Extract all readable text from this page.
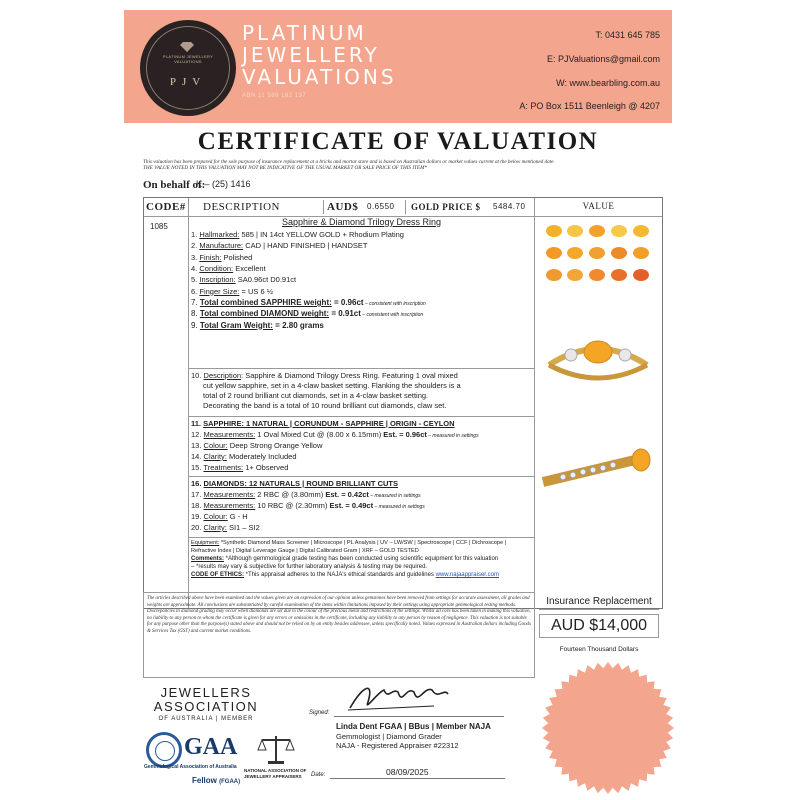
PLATINUM JEWELLERY VALUATIONS
PJV
PLATINUM
JEWELLERY
VALUATIONS
ABN 11 589 192 137
T: 0431 645 785
E: PJValuations@gmail.com
W: www.bearbling.com.au
A: PO Box 1511 Beenleigh @ 4207
CERTIFICATE OF VALUATION
This valuation has been prepared for the sole purpose of insurance replacement at a bricks and mortar store and is based on Australian dollars or market values current at the below mentioned date.
THE VALUE NOTED IN THIS VALUATION MAY NOT BE INDICATIVE OF THE USUAL MARKET OR SALE PRICE OF THIS ITEM*
On behalf of:
K – (25) 1416
CODE# DESCRIPTION	AUD$ 0.6550 GOLD PRICE $ 5484.70	VALUE
1085	Sapphire & Diamond Trilogy Dress Ring
1. Hallmarked: 585 | IN 14ct YELLOW GOLD + Rhodium Plating
2. Manufacture: CAD | HAND FINISHED | HANDSET
3. Finish: Polished
4. Condition: Excellent
5. Inscription: SA0.96ct D0.91ct
6. Finger Size: = US 6 ½
7. Total combined SAPPHIRE weight: = 0.96ct – consistent with inscription
8. Total combined DIAMOND weight: = 0.91ct – consistent with inscription
9. Total Gram Weight: = 2.80 grams
10. Description: Sapphire & Diamond Trilogy Dress Ring. Featuring 1 oval mixed
cut yellow sapphire, set in a 4-claw basket setting. Flanking the shoulders is a
total of 2 round brilliant cut diamonds, set in a 4-claw basket setting.
Decorating the band is a total of 10 round brilliant cut diamonds, claw set.
11. SAPPHIRE: 1 NATURAL | CORUNDUM - SAPPHIRE | ORIGIN - CEYLON
12. Measurements: 1 Oval Mixed Cut @ (8.00 x 6.15mm) Est. = 0.96ct – measured in settings
13. Colour: Deep Strong Orange Yellow
14. Clarity: Moderately Included
15. Treatments: 1+ Observed
16. DIAMONDS: 12 NATURALS | ROUND BRILLIANT CUTS
17. Measurements: 2 RBC @ (3.80mm) Est. = 0.42ct – measured in settings
18. Measurements: 10 RBC @ (2.30mm) Est. = 0.49ct – measured in settings
19. Colour: G - H
20. Clarity: SI1 – SI2
Equipment: *Synthetic Diamond Mass Screener | Microscope | PL Analysis | UV – LW/SW | Spectroscope | CCF | Dichroscope |
Refractive Index | Digital Leverage Gauge | Digital Calibrated Gram | XRF – GOLD TESTED
Comments: *Although gemmological grade testing has been conducted using scientific equipment for this valuation
– *results may vary & subjective for further laboratory analysis & testing may be required.
CODE OF ETHICS: *This appraisal adheres to the NAJA's ethical standards and guidelines www.najaappraiser.com
The articles described above have been examined and the values given are an expression of our opinion unless gemstones have been removed from settings for accurate assessment, all grades and weights are approximate. All conclusions are substantiated by careful examination of the items within limitations imposed by their settings using appropriate gemmological testing methods. Discrepancies in diamond grading may occur when diamonds are set due to the colour of the precious metal and restrictions of the settings. Whilst all care has been taken in making this valuation, no liability to any person to whom the certificate is given for any errors or omissions in the certificate, including any liability to any person by reason of negligence. This valuation is not suitable for any purpose other than the purpose(s) stated above and should not be relied on by an entity besides addressee, unless specifically noted. Values expressed in Australian dollars including Goods & Services Tax (GST) and current market conditions.
Insurance Replacement
AUD $14,000
Fourteen Thousand Dollars
JEWELLERS
ASSOCIATION
OF AUSTRALIA | MEMBER
GAA
Gemmological Association of Australia
Fellow (FGAA)
NATIONAL ASSOCIATION OF
JEWELLERY APPRAISERS
Signed:
Linda Dent FGAA | BBus | Member NAJA
Gemmologist | Diamond Grader
NAJA - Registered Appraiser #22312
Date:	08/09/2025
